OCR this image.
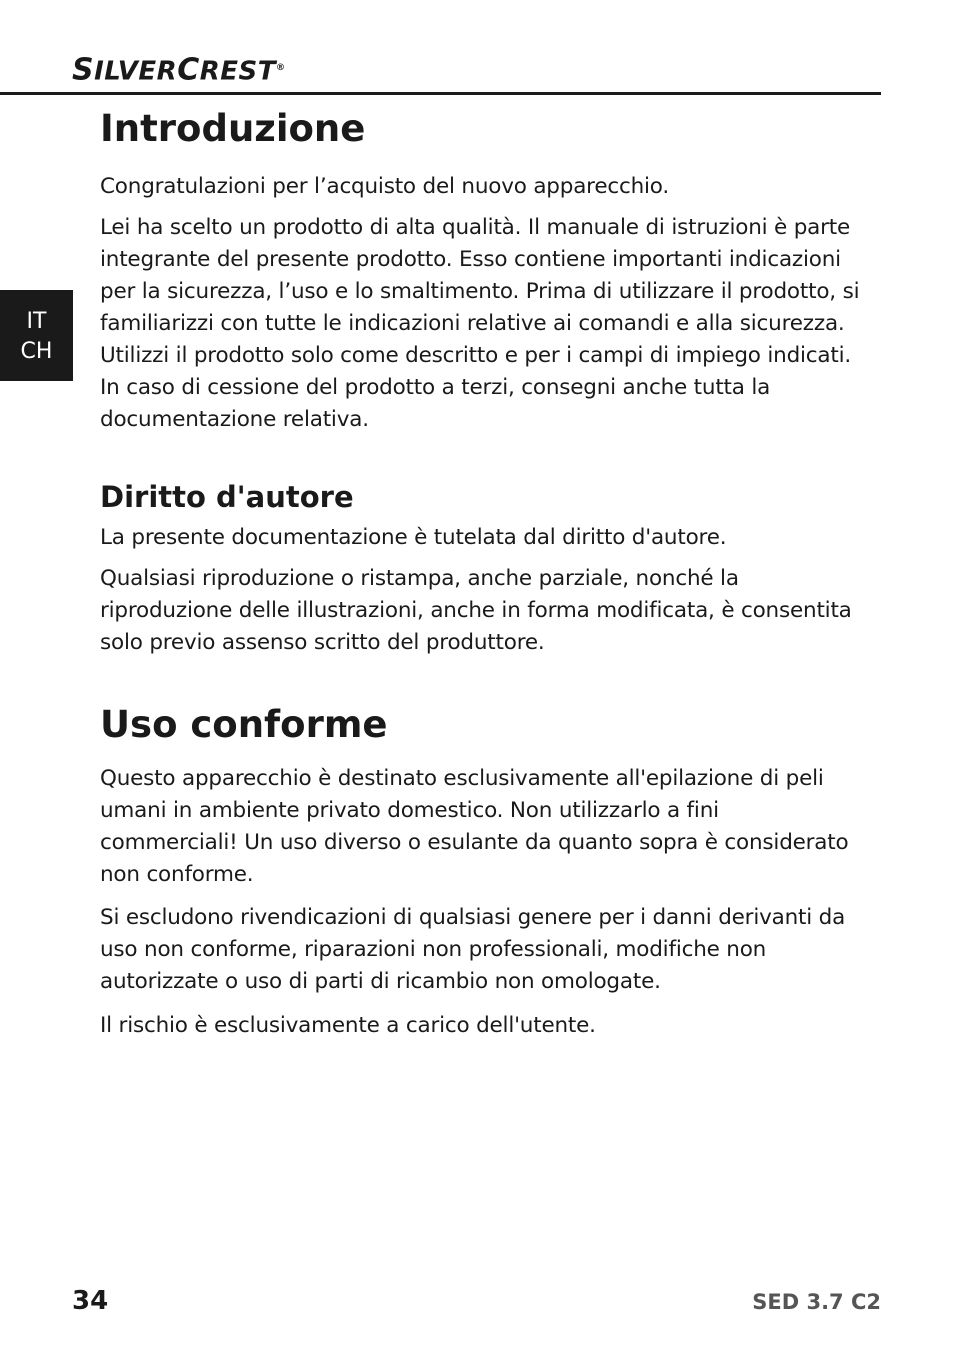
SILVERCREST®
IT
CH
Introduzione

Congratulazioni per l’acquisto del nuovo apparecchio.

Lei ha scelto un prodotto di alta qualità. Il manuale di istruzioni è parte integrante del presente prodotto. Esso contiene importanti indicazioni per la sicurezza, l’uso e lo smaltimento. Prima di utilizzare il prodotto, si familiarizzi con tutte le indicazioni relative ai comandi e alla sicurezza. Utilizzi il prodotto solo come descritto e per i campi di impiego indicati. In caso di cessione del prodotto a terzi, consegni anche tutta la documentazione relativa.

Diritto d'autore

La presente documentazione è tutelata dal diritto d'autore.

Qualsiasi riproduzione o ristampa, anche parziale, nonché la riproduzione delle illustrazioni, anche in forma modificata, è consentita solo previo assenso scritto del produttore.

Uso conforme

Questo apparecchio è destinato esclusivamente all'epilazione di peli umani in ambiente privato domestico. Non utilizzarlo a fini commerciali! Un uso diverso o esulante da quanto sopra è considerato non conforme.

Si escludono rivendicazioni di qualsiasi genere per i danni derivanti da uso non conforme, riparazioni non professionali, modifiche non autorizzate o uso di parti di ricambio non omologate.

Il rischio è esclusivamente a carico dell'utente.

34	SED 3.7 C2
